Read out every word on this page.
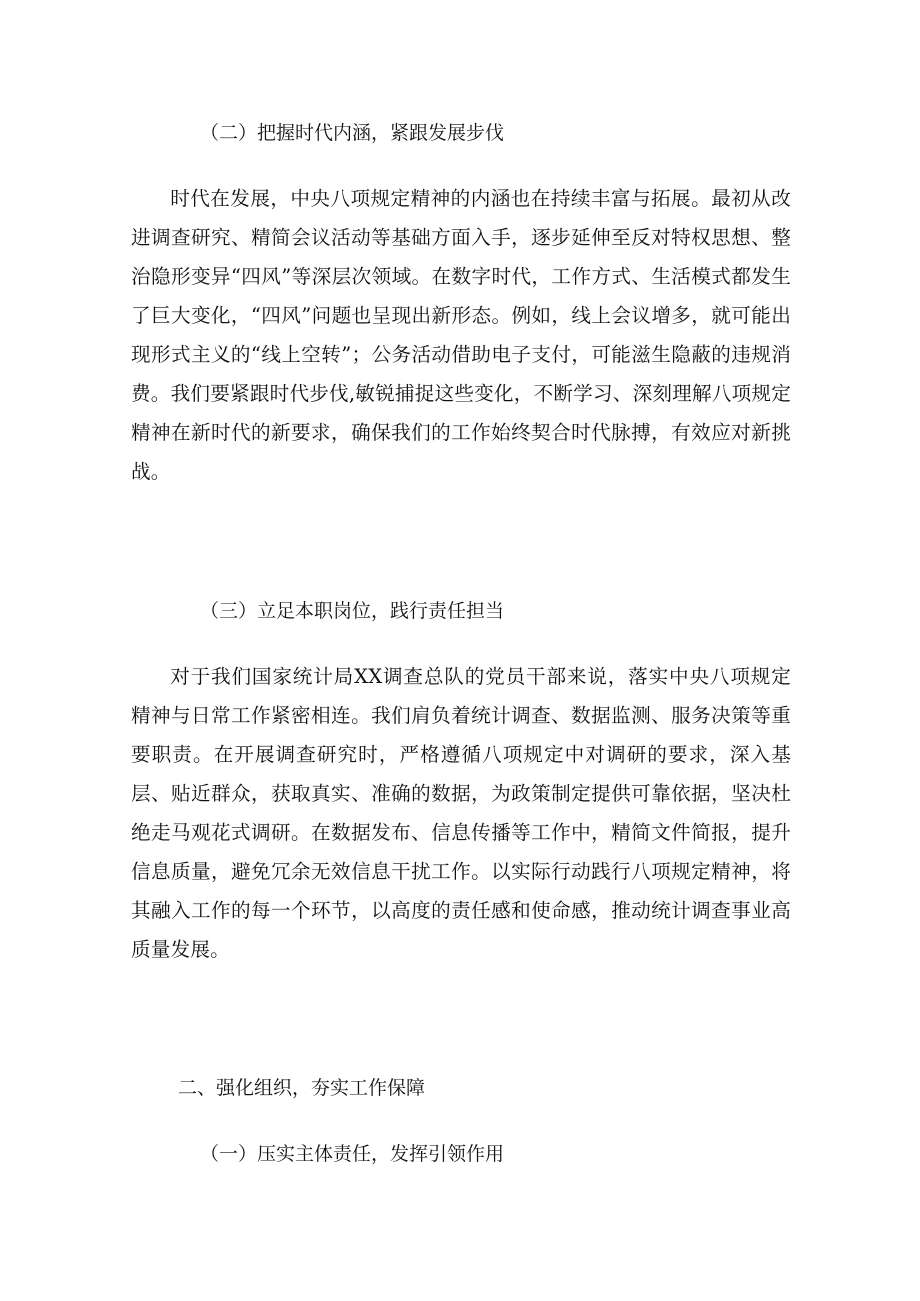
（二）把握时代内涵，紧跟发展步伐

时代在发展，中央八项规定精神的内涵也在持续丰富与拓展。最初从改进调查研究、精简会议活动等基础方面入手，逐步延伸至反对特权思想、整治隐形变异“四风”等深层次领域。在数字时代，工作方式、生活模式都发生了巨大变化，“四风”问题也呈现出新形态。例如，线上会议增多，就可能出现形式主义的“线上空转”；公务活动借助电子支付，可能滋生隐蔽的违规消费。我们要紧跟时代步伐,敏锐捕捉这些变化，不断学习、深刻理解八项规定精神在新时代的新要求，确保我们的工作始终契合时代脉搏，有效应对新挑战。

（三）立足本职岗位，践行责任担当

对于我们国家统计局XX调查总队的党员干部来说，落实中央八项规定精神与日常工作紧密相连。我们肩负着统计调查、数据监测、服务决策等重要职责。在开展调查研究时，严格遵循八项规定中对调研的要求，深入基层、贴近群众，获取真实、准确的数据，为政策制定提供可靠依据，坚决杜绝走马观花式调研。在数据发布、信息传播等工作中，精简文件简报，提升信息质量，避免冗余无效信息干扰工作。以实际行动践行八项规定精神，将其融入工作的每一个环节，以高度的责任感和使命感，推动统计调查事业高质量发展。

二、强化组织，夯实工作保障
（一）压实主体责任，发挥引领作用
